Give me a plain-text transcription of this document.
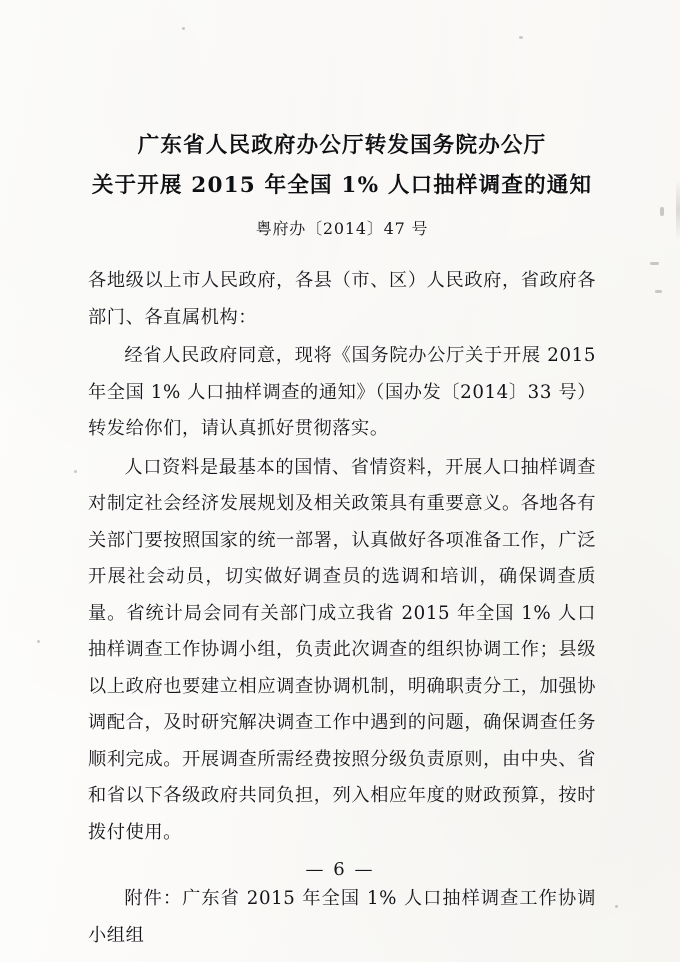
广东省人民政府办公厅转发国务院办公厅
关于开展 2015 年全国 1% 人口抽样调查的通知
粤府办〔2014〕47 号

各地级以上市人民政府，各县（市、区）人民政府，省政府各部门、各直属机构：

经省人民政府同意，现将《国务院办公厅关于开展 2015 年全国 1% 人口抽样调查的通知》（国办发〔2014〕33 号）转发给你们，请认真抓好贯彻落实。

人口资料是最基本的国情、省情资料，开展人口抽样调查对制定社会经济发展规划及相关政策具有重要意义。各地各有关部门要按照国家的统一部署，认真做好各项准备工作，广泛开展社会动员，切实做好调查员的选调和培训，确保调查质量。省统计局会同有关部门成立我省 2015 年全国 1% 人口抽样调查工作协调小组，负责此次调查的组织协调工作；县级以上政府也要建立相应调查协调机制，明确职责分工，加强协调配合，及时研究解决调查工作中遇到的问题，确保调查任务顺利完成。开展调查所需经费按照分级负责原则，由中央、省和省以下各级政府共同负担，列入相应年度的财政预算，按时拨付使用。

附件：广东省 2015 年全国 1% 人口抽样调查工作协调小组组

— 6 —
